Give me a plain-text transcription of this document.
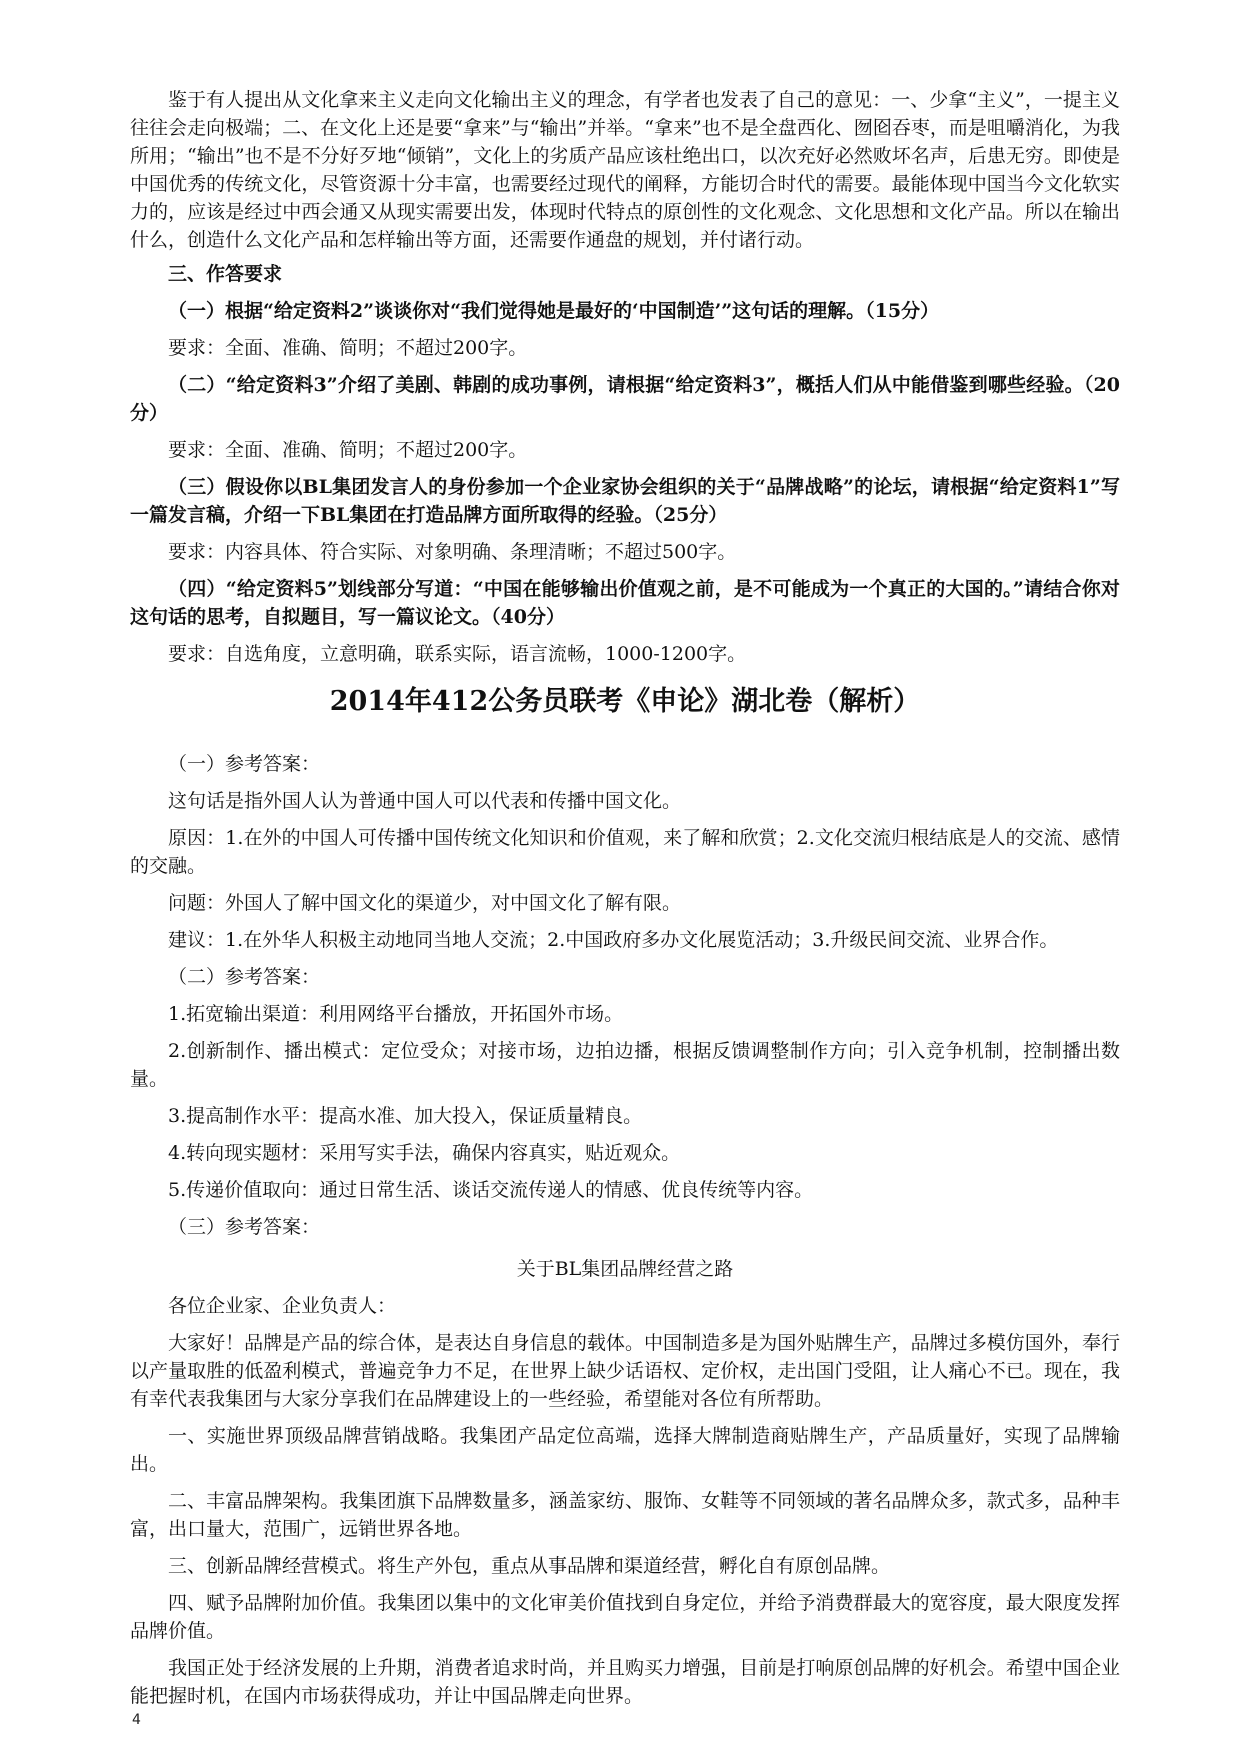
鉴于有人提出从文化拿来主义走向文化输出主义的理念，有学者也发表了自己的意见：一、少拿“主义”，一提主义往往会走向极端；二、在文化上还是要“拿来”与“输出”并举。“拿来”也不是全盘西化、囫囵吞枣，而是咀嚼消化，为我所用；“输出”也不是不分好歹地“倾销”，文化上的劣质产品应该杜绝出口，以次充好必然败坏名声，后患无穷。即使是中国优秀的传统文化，尽管资源十分丰富，也需要经过现代的阐释，方能切合时代的需要。最能体现中国当今文化软实力的，应该是经过中西会通又从现实需要出发，体现时代特点的原创性的文化观念、文化思想和文化产品。所以在输出什么，创造什么文化产品和怎样输出等方面，还需要作通盘的规划，并付诸行动。

三、作答要求

（一）根据“给定资料2”谈谈你对“我们觉得她是最好的‘中国制造’”这句话的理解。（15分）

要求：全面、准确、简明；不超过200字。

（二）“给定资料3”介绍了美剧、韩剧的成功事例，请根据“给定资料3”，概括人们从中能借鉴到哪些经验。（20分）

要求：全面、准确、简明；不超过200字。

（三）假设你以BL集团发言人的身份参加一个企业家协会组织的关于“品牌战略”的论坛，请根据“给定资料1”写一篇发言稿，介绍一下BL集团在打造品牌方面所取得的经验。（25分）

要求：内容具体、符合实际、对象明确、条理清晰；不超过500字。

（四）“给定资料5”划线部分写道：“中国在能够输出价值观之前，是不可能成为一个真正的大国的。”请结合你对这句话的思考，自拟题目，写一篇议论文。（40分）

要求：自选角度，立意明确，联系实际，语言流畅，1000-1200字。

2014年412公务员联考《申论》湖北卷（解析）

（一）参考答案：

这句话是指外国人认为普通中国人可以代表和传播中国文化。

原因：1.在外的中国人可传播中国传统文化知识和价值观，来了解和欣赏；2.文化交流归根结底是人的交流、感情的交融。

问题：外国人了解中国文化的渠道少，对中国文化了解有限。

建议：1.在外华人积极主动地同当地人交流；2.中国政府多办文化展览活动；3.升级民间交流、业界合作。

（二）参考答案：

1.拓宽输出渠道：利用网络平台播放，开拓国外市场。

2.创新制作、播出模式：定位受众；对接市场，边拍边播，根据反馈调整制作方向；引入竞争机制，控制播出数量。

3.提高制作水平：提高水准、加大投入，保证质量精良。

4.转向现实题材：采用写实手法，确保内容真实，贴近观众。

5.传递价值取向：通过日常生活、谈话交流传递人的情感、优良传统等内容。

（三）参考答案：

关于BL集团品牌经营之路

各位企业家、企业负责人：

大家好！品牌是产品的综合体，是表达自身信息的载体。中国制造多是为国外贴牌生产，品牌过多模仿国外，奉行以产量取胜的低盈利模式，普遍竞争力不足，在世界上缺少话语权、定价权，走出国门受阻，让人痛心不已。现在，我有幸代表我集团与大家分享我们在品牌建设上的一些经验，希望能对各位有所帮助。

一、实施世界顶级品牌营销战略。我集团产品定位高端，选择大牌制造商贴牌生产，产品质量好，实现了品牌输出。

二、丰富品牌架构。我集团旗下品牌数量多，涵盖家纺、服饰、女鞋等不同领域的著名品牌众多，款式多，品种丰富，出口量大，范围广，远销世界各地。

三、创新品牌经营模式。将生产外包，重点从事品牌和渠道经营，孵化自有原创品牌。

四、赋予品牌附加价值。我集团以集中的文化审美价值找到自身定位，并给予消费群最大的宽容度，最大限度发挥品牌价值。

我国正处于经济发展的上升期，消费者追求时尚，并且购买力增强，目前是打响原创品牌的好机会。希望中国企业能把握时机，在国内市场获得成功，并让中国品牌走向世界。

4
